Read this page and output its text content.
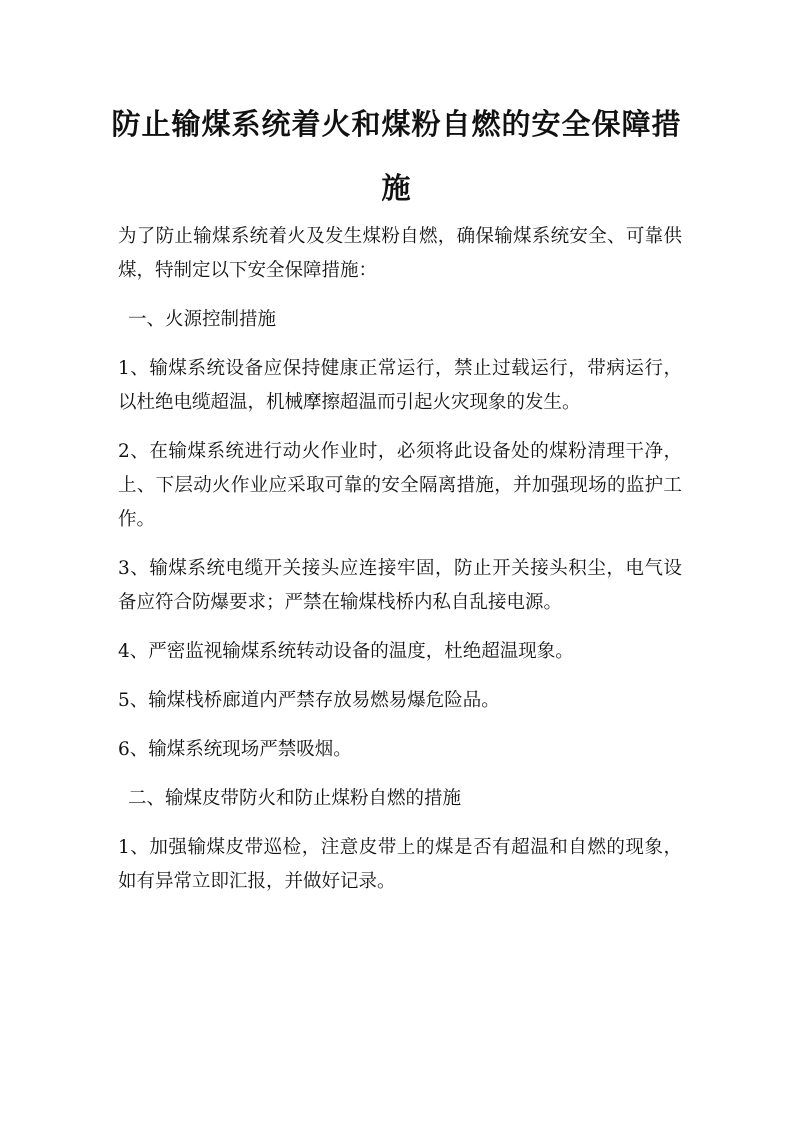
防止输煤系统着火和煤粉自燃的安全保障措施

为了防止输煤系统着火及发生煤粉自燃，确保输煤系统安全、可靠供煤，特制定以下安全保障措施：

一、火源控制措施

1、输煤系统设备应保持健康正常运行，禁止过载运行，带病运行，以杜绝电缆超温，机械摩擦超温而引起火灾现象的发生。

2、在输煤系统进行动火作业时，必须将此设备处的煤粉清理干净，上、下层动火作业应采取可靠的安全隔离措施，并加强现场的监护工作。

3、输煤系统电缆开关接头应连接牢固，防止开关接头积尘，电气设备应符合防爆要求；严禁在输煤栈桥内私自乱接电源。

4、严密监视输煤系统转动设备的温度，杜绝超温现象。

5、输煤栈桥廊道内严禁存放易燃易爆危险品。

6、输煤系统现场严禁吸烟。

二、输煤皮带防火和防止煤粉自燃的措施

1、加强输煤皮带巡检，注意皮带上的煤是否有超温和自燃的现象，如有异常立即汇报，并做好记录。
